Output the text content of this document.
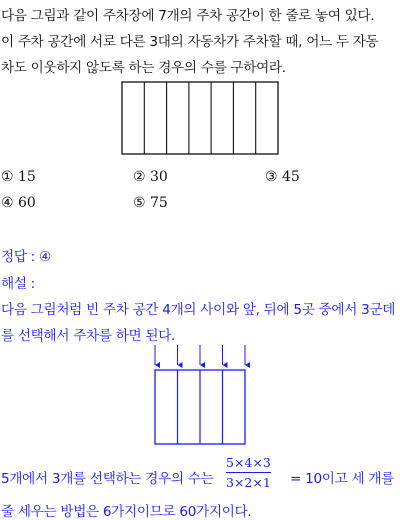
다음 그림과 같이 주차장에 7개의 주차 공간이 한 줄로 놓여 있다.
이 주차 공간에 서로 다른 3대의 자동차가 주차할 때, 어느 두 자동
차도 이웃하지 않도록 하는 경우의 수를 구하여라.
① 15	② 30	③ 45
④ 60	⑤ 75
정답 : ④
해설 :
다음 그림처럼 빈 주차 공간 4개의 사이와 앞, 뒤에 5곳 중에서 3군데
를 선택해서 주차를 하면 된다.
5개에서 3개를 선택하는 경우의 수는
5×4×3
3×2×1 = 10이고 세 개를
줄 세우는 방법은 6가지이므로 60가지이다.
